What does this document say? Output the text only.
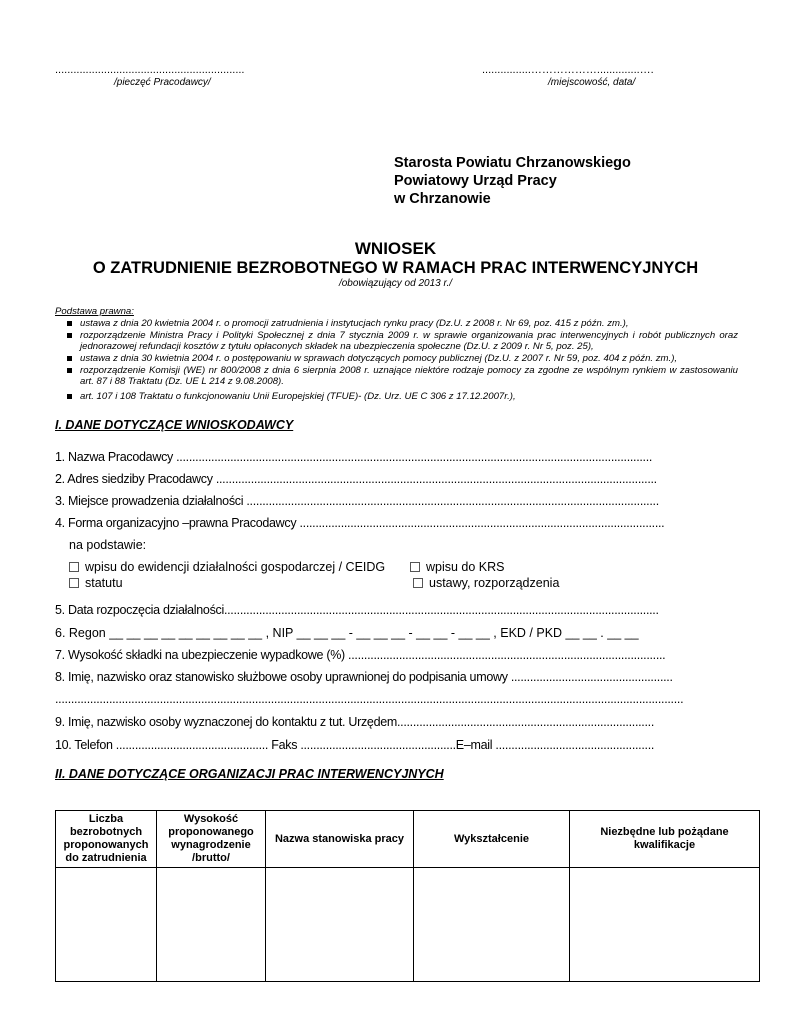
..............................................................
/pieczęć Pracodawcy/
................………………..............….
/miejscowość, data/
Starosta Powiatu Chrzanowskiego
Powiatowy Urząd Pracy
w Chrzanowie
WNIOSEK
O ZATRUDNIENIE BEZROBOTNEGO W RAMACH PRAC INTERWENCYJNYCH
/obowiązujący od 2013 r./
Podstawa prawna:
ustawa z dnia 20 kwietnia 2004 r. o promocji zatrudnienia i instytucjach rynku pracy (Dz.U. z 2008 r. Nr 69, poz. 415 z późn. zm.),
rozporządzenie Ministra Pracy i Polityki Społecznej z dnia 7 stycznia 2009 r. w sprawie organizowania prac interwencyjnych i robót publicznych oraz jednorazowej refundacji kosztów z tytułu opłaconych składek na ubezpieczenia społeczne (Dz.U. z 2009 r. Nr 5, poz. 25),
ustawa z dnia 30 kwietnia 2004 r. o postępowaniu w sprawach dotyczących pomocy publicznej (Dz.U. z 2007 r. Nr 59, poz. 404 z późn. zm.),
rozporządzenie Komisji (WE) nr 800/2008 z dnia 6 sierpnia 2008 r. uznające niektóre rodzaje pomocy za zgodne ze wspólnym rynkiem w zastosowaniu art. 87 i 88 Traktatu (Dz. UE L 214 z 9.08.2008).
art. 107 i 108 Traktatu o funkcjonowaniu Unii Europejskiej (TFUE)- (Dz. Urz. UE C 306 z 17.12.2007r.),
I. DANE DOTYCZĄCE WNIOSKODAWCY
1. Nazwa Pracodawcy ......................................................................................................................................................
2. Adres siedziby Pracodawcy ...........................................................................................................................................
3. Miejsce prowadzenia działalności ..................................................................................................................................
4. Forma organizacyjno –prawna Pracodawcy ...................................................................................................................
na podstawie:
wpisu do ewidencji działalności gospodarczej / CEIDG	wpisu do KRS
statutu	ustawy, rozporządzenia
5. Data rozpoczęcia działalności.........................................................................................................................................
6. Regon __ __ __ __ __ __ __ __ __ , NIP __ __ __ - __ __ __ - __ __ - __ __ , EKD / PKD __ __ . __ __
7. Wysokość składki na ubezpieczenie wypadkowe (%) ....................................................................................................
8. Imię, nazwisko oraz stanowisko służbowe osoby uprawnionej do podpisania umowy ...................................................
......................................................................................................................................................................................................
9. Imię, nazwisko osoby wyznaczonej do kontaktu z tut. Urzędem.................................................................................
10. Telefon ................................................ Faks .................................................E–mail ..................................................
II. DANE DOTYCZĄCE ORGANIZACJI PRAC INTERWENCYJNYCH
Liczba bezrobotnych proponowanych do zatrudnienia	Wysokość proponowanego wynagrodzenie /brutto/	Nazwa stanowiska pracy	Wykształcenie	Niezbędne lub pożądane kwalifikacje
